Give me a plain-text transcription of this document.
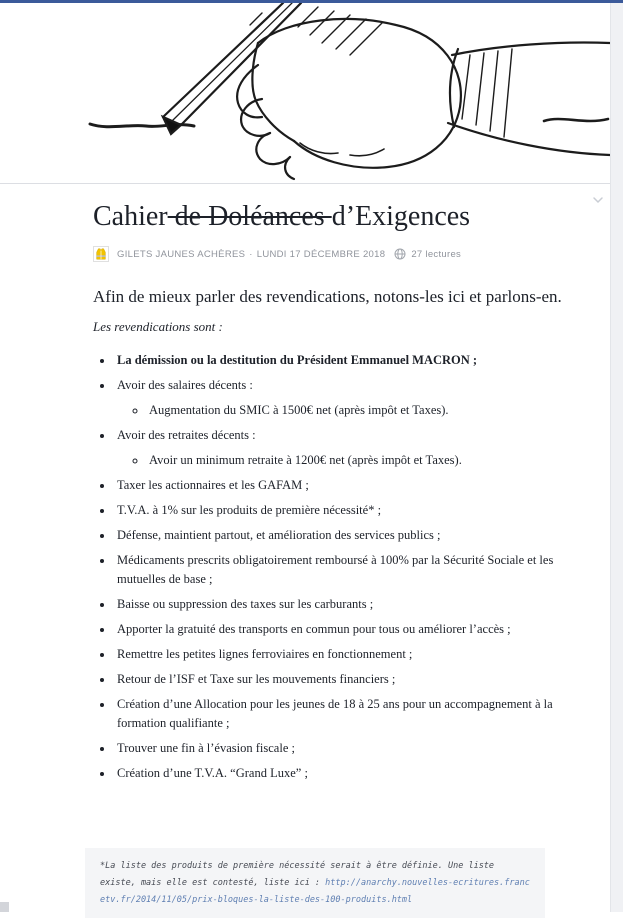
Cahier de Doléances d’Exigences
GILETS JAUNES ACHÈRES · LUNDI 17 DÉCEMBRE 2018	27 lectures

Afin de mieux parler des revendications, notons-les ici et parlons-en.

Les revendications sont :

• La démission ou la destitution du Président Emmanuel MACRON ;
• Avoir des salaires décents :
◦ Augmentation du SMIC à 1500€ net (après impôt et Taxes).
• Avoir des retraites décents :
◦ Avoir un minimum retraite à 1200€ net (après impôt et Taxes).
• Taxer les actionnaires et les GAFAM ;
• T.V.A. à 1% sur les produits de première nécessité* ;
• Défense, maintient partout, et amélioration des services publics ;
• Médicaments prescrits obligatoirement remboursé à 100% par la Sécurité Sociale et les mutuelles de base ;
• Baisse ou suppression des taxes sur les carburants ;
• Apporter la gratuité des transports en commun pour tous ou améliorer l’accès ;
• Remettre les petites lignes ferroviaires en fonctionnement ;
• Retour de l’ISF et Taxe sur les mouvements financiers ;
• Création d’une Allocation pour les jeunes de 18 à 25 ans pour un accompagnement à la formation qualifiante ;
• Trouver une fin à l’évasion fiscale ;
• Création d’une T.V.A. “Grand Luxe” ;
*La liste des produits de première nécessité serait à être définie. Une liste existe, mais elle est contesté, liste ici : http://anarchy.nouvelles-ecritures.francetv.fr/2014/11/05/prix-bloques-la-liste-des-100-produits.html
